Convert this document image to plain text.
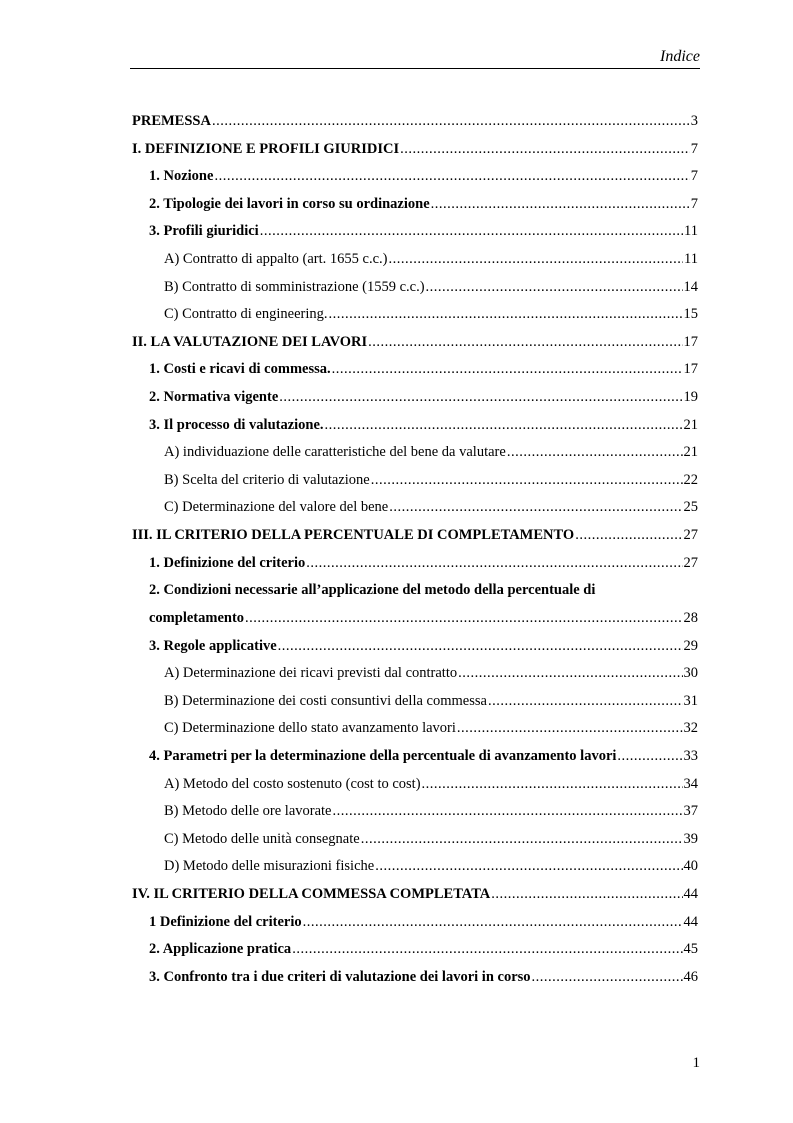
Indice
PREMESSA .....	3
I. DEFINIZIONE E PROFILI GIURIDICI .....	7
1. Nozione .....	7
2. Tipologie dei lavori in corso su ordinazione .....	7
3. Profili giuridici .....	11
A) Contratto di appalto (art. 1655 c.c.) .....	11
B) Contratto di somministrazione (1559 c.c.) .....	14
C) Contratto di engineering. .....	15
II. LA VALUTAZIONE DEI LAVORI .....	17
1. Costi e ricavi di commessa. .....	17
2. Normativa vigente .....	19
3. Il processo di valutazione. .....	21
A) individuazione delle caratteristiche del bene da valutare .....	21
B) Scelta del criterio di valutazione .....	22
C) Determinazione del valore del bene .....	25
III. IL CRITERIO DELLA PERCENTUALE DI COMPLETAMENTO .....	27
1. Definizione del criterio .....	27
2. Condizioni necessarie all’applicazione del metodo della percentuale di
completamento .....	28
3. Regole applicative .....	29
A) Determinazione dei ricavi previsti dal contratto .....	30
B) Determinazione dei costi consuntivi della commessa .....	31
C) Determinazione dello stato avanzamento lavori .....	32
4. Parametri per la determinazione della percentuale di avanzamento lavori .....	33
A) Metodo del costo sostenuto (cost to cost) .....	34
B) Metodo delle ore lavorate .....	37
C) Metodo delle unità consegnate .....	39
D) Metodo delle misurazioni fisiche .....	40
IV. IL CRITERIO DELLA COMMESSA COMPLETATA .....	44
1 Definizione del criterio .....	44
2. Applicazione pratica .....	45
3. Confronto tra i due criteri di valutazione dei lavori in corso .....	46
1
